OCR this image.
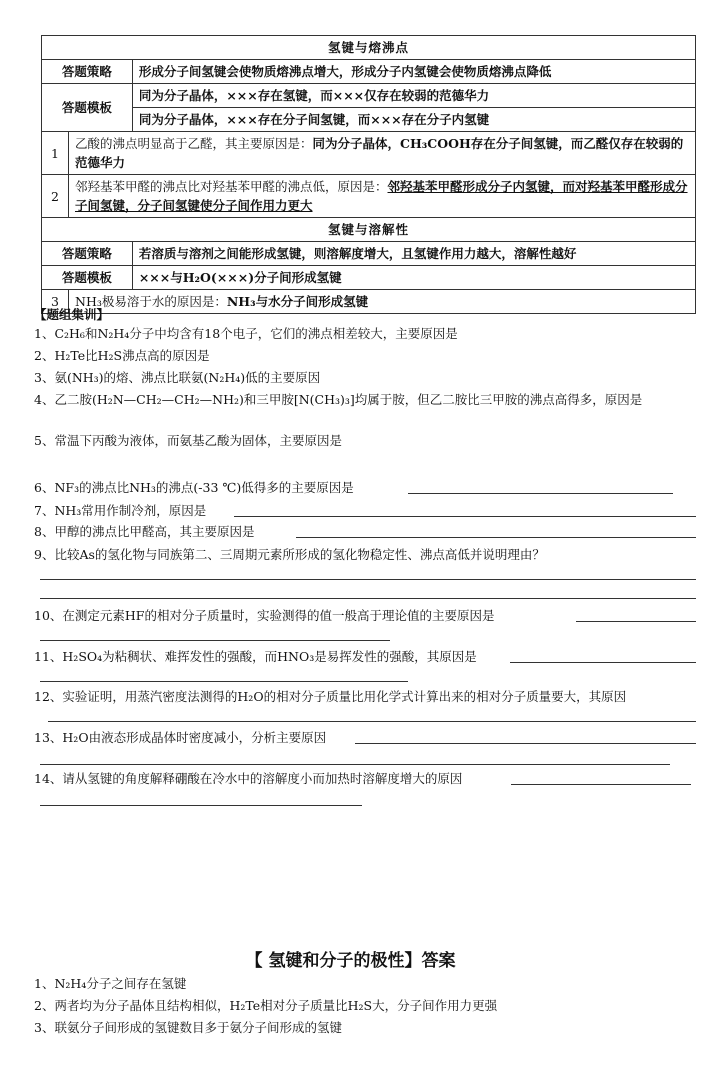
氢键与熔沸点		
答题策略		形成分子间氢键会使物质熔沸点增大，形成分子内氢键会使物质熔沸点降低
答题模板		同为分子晶体，×××存在氢键，而×××仅存在较弱的范德华力
		同为分子晶体，×××存在分子间氢键，而×××存在分子内氢键
1	乙酸的沸点明显高于乙醛，其主要原因是：同为分子晶体，CH₃COOH存在分子间氢键，而乙醛仅存在较弱的范德华力	
2	邻羟基苯甲醛的沸点比对羟基苯甲醛的沸点低，原因是：邻羟基苯甲醛形成分子内氢键，而对羟基苯甲醛形成分子间氢键，分子间氢键使分子间作用力更大	
氢键与溶解性		
答题策略		若溶质与溶剂之间能形成氢键，则溶解度增大，且氢键作用力越大，溶解性越好
答题模板		×××与H₂O(×××)分子间形成氢键
3	NH₃极易溶于水的原因是：NH₃与水分子间形成氢键	
【题组集训】
1、C₂H₆和N₂H₄分子中均含有18个电子，它们的沸点相差较大，主要原因是
2、H₂Te比H₂S沸点高的原因是
3、氨(NH₃)的熔、沸点比联氨(N₂H₄)低的主要原因
4、乙二胺(H₂N—CH₂—CH₂—NH₂)和三甲胺[N(CH₃)₃]均属于胺，但乙二胺比三甲胺的沸点高得多，原因是
5、常温下丙酸为液体，而氨基乙酸为固体，主要原因是
6、NF₃的沸点比NH₃的沸点(-33 ℃)低得多的主要原因是
7、NH₃常用作制冷剂，原因是
8、甲醇的沸点比甲醛高，其主要原因是
9、比较As的氢化物与同族第二、三周期元素所形成的氢化物稳定性、沸点高低并说明理由？
10、在测定元素HF的相对分子质量时，实验测得的值一般高于理论值的主要原因是
11、H₂SO₄为粘稠状、难挥发性的强酸，而HNO₃是易挥发性的强酸，其原因是
12、实验证明，用蒸汽密度法测得的H₂O的相对分子质量比用化学式计算出来的相对分子质量要大，其原因
13、H₂O由液态形成晶体时密度减小，分析主要原因
14、请从氢键的角度解释硼酸在冷水中的溶解度小而加热时溶解度增大的原因
【 氢键和分子的极性】答案
1、N₂H₄分子之间存在氢键
2、两者均为分子晶体且结构相似，H₂Te相对分子质量比H₂S大，分子间作用力更强
3、联氨分子间形成的氢键数目多于氨分子间形成的氢键
